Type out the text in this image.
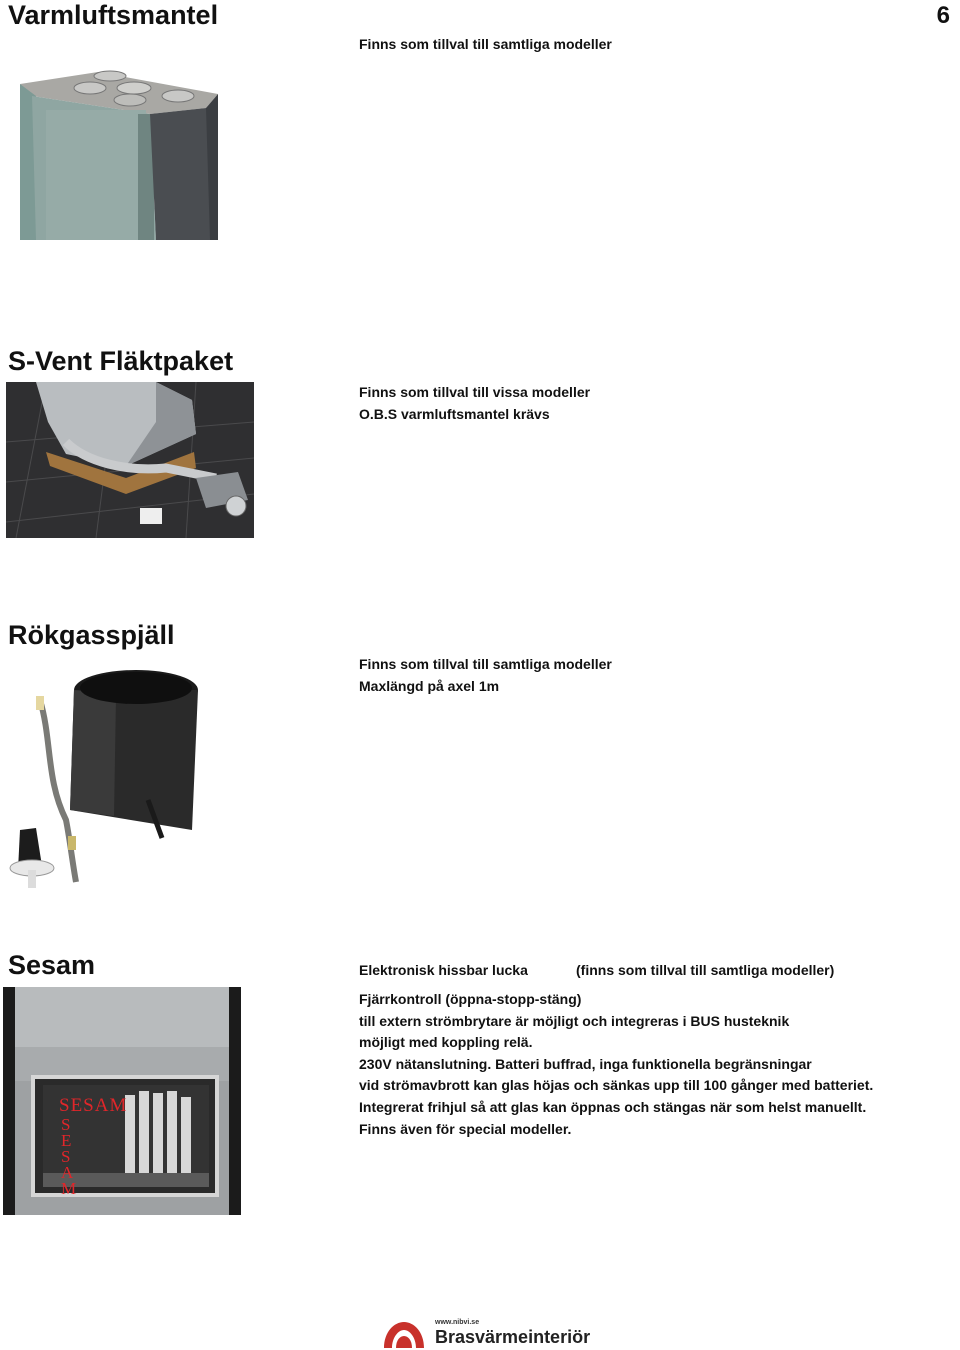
6
Varmluftsmantel
Finns som tillval till samtliga modeller
S-Vent Fläktpaket
Finns som tillval till vissa modeller
O.B.S varmluftsmantel krävs
Rökgasspjäll
Finns som tillval till samtliga modeller
Maxlängd på axel 1m
Sesam	Elektronisk hissbar lucka	(finns som tillval till samtliga modeller)
Fjärrkontroll (öppna-stopp-stäng)
till extern strömbrytare är möjligt och integreras i BUS husteknik
möjligt med koppling relä.
230V nätanslutning. Batteri buffrad, inga funktionella begränsningar
vid strömavbrott kan glas höjas och sänkas upp till 100 gånger med batteriet.
Integrerat frihjul så att glas kan öppnas och stängas när som helst manuellt.
Finns även för special modeller.
SESAM
SESAM
www.nibvi.se
Brasvärmeinteriör
